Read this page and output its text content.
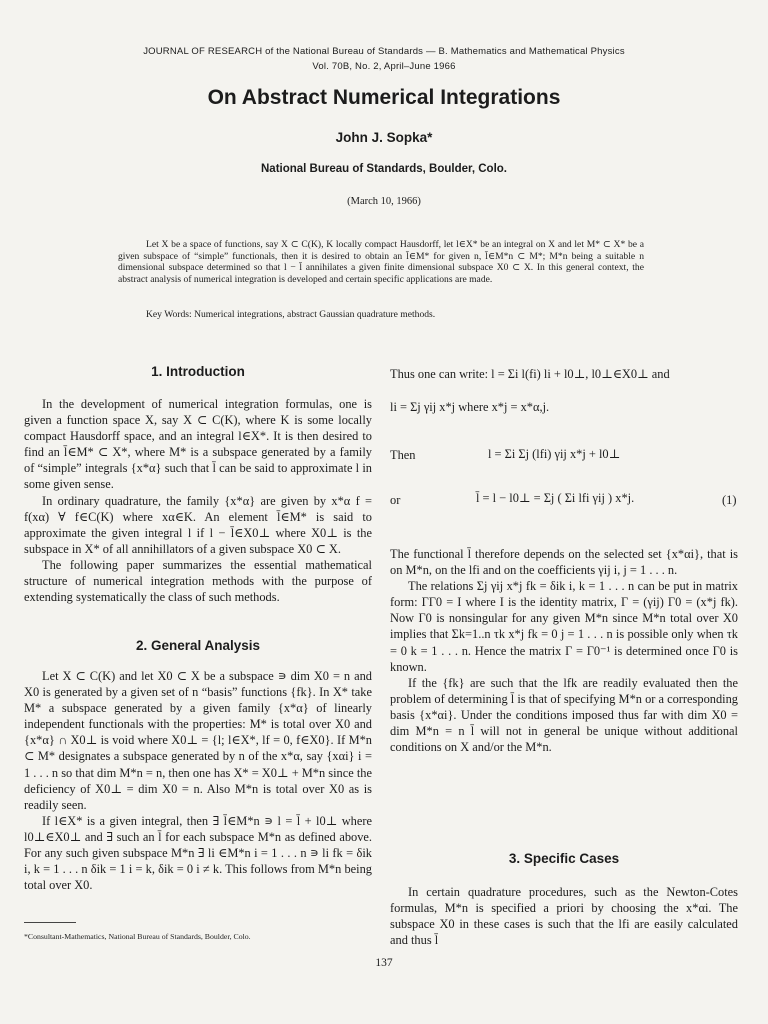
JOURNAL OF RESEARCH of the National Bureau of Standards — B. Mathematics and Mathematical Physics
Vol. 70B, No. 2, April–June 1966
On Abstract Numerical Integrations
John J. Sopka*
National Bureau of Standards, Boulder, Colo.
(March 10, 1966)

Let X be a space of functions, say X ⊂ C(K), K locally compact Hausdorff, let l∈X* be an integral on X and let M* ⊂ X* be a given subspace of “simple” functionals, then it is desired to obtain an l̄∈M* for given n, l̄∈M*n ⊂ M*; M*n being a suitable n dimensional subspace determined so that l − l̄ annihilates a given finite dimensional subspace X0 ⊂ X. In this general context, the abstract analysis of numerical integration is developed and certain specific applications are made.

Key Words: Numerical integrations, abstract Gaussian quadrature methods.
1. Introduction

In the development of numerical integration formulas, one is given a function space X, say X ⊂ C(K), where K is some locally compact Hausdorff space, and an integral l∈X*. It is then desired to find an l̄∈M* ⊂ X*, where M* is a subspace generated by a family of “simple” integrals {x*α} such that l̄ can be said to approximate l in some given sense.

In ordinary quadrature, the family {x*α} are given by x*α f = f(xα) ∀ f∈C(K) where xα∈K. An element l̄∈M* is said to approximate the given integral l if l − l̄∈X0⊥ where X0⊥ is the subspace in X* of all annihillators of a given subspace X0 ⊂ X.

The following paper summarizes the essential mathematical structure of numerical integration methods with the purpose of extending systematically the class of such methods.

2. General Analysis

Let X ⊂ C(K) and let X0 ⊂ X be a subspace ∍ dim X0 = n and X0 is generated by a given set of n “basis” functions {fk}. In X* take M* a subspace generated by a given family {x*α} of linearly independent functionals with the properties: M* is total over X0 and {x*α} ∩ X0⊥ is void where X0⊥ = {l; l∈X*, lf = 0, f∈X0}. If M*n ⊂ M* designates a subspace generated by n of the x*α, say {xαi} i = 1 . . . n so that dim M*n = n, then one has X* = X0⊥ + M*n since the deficiency of X0⊥ = dim X0 = n. Also M*n is total over X0 as is readily seen.

If l∈X* is a given integral, then ∃ l̄∈M*n ∍ l = l̄ + l0⊥ where l0⊥∈X0⊥ and ∃ such an l̄ for each subspace M*n as defined above. For any such given subspace M*n ∃ li ∈M*n i = 1 . . . n ∍ li fk = δik i, k = 1 . . . n δik = 1 i = k, δik = 0 i ≠ k. This follows from M*n being total over X0.

*Consultant-Mathematics, National Bureau of Standards, Boulder, Colo.

Thus one can write: l = Σi l(fi) li + l0⊥, l0⊥∈X0⊥ and

li = Σj γij x*j where x*j = x*α,j.
Then	l = Σi Σj (lfi) γij x*j + l0⊥
or	l̄ = l − l0⊥ = Σj ( Σi lfi γij ) x*j.	(1)

The functional l̄ therefore depends on the selected set {x*αi}, that is on M*n, on the lfi and on the coefficients γij i, j = 1 . . . n.

The relations Σj γij x*j fk = δik i, k = 1 . . . n can be put in matrix form: ΓΓ0 = I where I is the identity matrix, Γ = (γij) Γ0 = (x*j fk). Now Γ0 is nonsingular for any given M*n since M*n total over X0 implies that Σk=1..n τk x*j fk = 0 j = 1 . . . n is possible only when τk = 0 k = 1 . . . n. Hence the matrix Γ = Γ0⁻¹ is determined once Γ0 is known.

If the {fk} are such that the lfk are readily evaluated then the problem of determining l̄ is that of specifying M*n or a corresponding basis {x*αi}. Under the conditions imposed thus far with dim X0 = dim M*n = n l̄ will not in general be unique without additional conditions on X and/or the M*n.

3. Specific Cases

In certain quadrature procedures, such as the Newton-Cotes formulas, M*n is specified a priori by choosing the x*αi. The subspace X0 in these cases is such that the lfi are easily calculated and thus l̄

137
